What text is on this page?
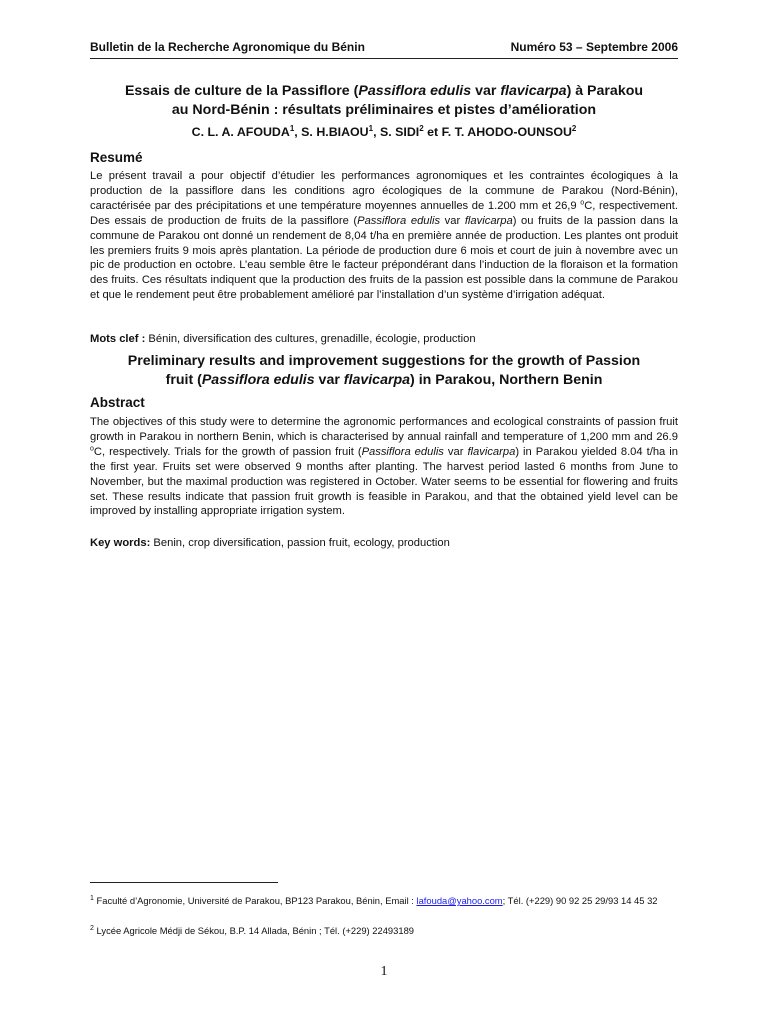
Bulletin de la Recherche Agronomique du Bénin	Numéro 53 – Septembre 2006
Essais de culture de la Passiflore (Passiflora edulis var flavicarpa) à Parakou
au Nord-Bénin : résultats préliminaires et pistes d’amélioration
C. L. A. AFOUDA$^1$, S. H.BIAOU$^1$, S. SIDI$^2$ et F. T. AHODO-OUNSOU$^2$
Resumé
Le présent travail a pour objectif d’étudier les performances agronomiques et les contraintes écologiques à la production de la passiflore dans les conditions agro écologiques de la commune de Parakou (Nord-Bénin), caractérisée par des précipitations et une température moyennes annuelles de 1.200 mm et 26,9 $^o$C, respectivement. Des essais de production de fruits de la passiflore (Passiflora edulis var flavicarpa) ou fruits de la passion dans la commune de Parakou ont donné un rendement de 8,04 t/ha en première année de production. Les plantes ont produit les premiers fruits 9 mois après plantation. La période de production dure 6 mois et court de juin à novembre avec un pic de production en octobre. L’eau semble être le facteur prépondérant dans l’induction de la floraison et la formation des fruits. Ces résultats indiquent que la production des fruits de la passion est possible dans la commune de Parakou et que le rendement peut être probablement amélioré par l’installation d’un système d’irrigation adéquat.
Mots clef : Bénin, diversification des cultures, grenadille, écologie, production
Preliminary results and improvement suggestions for the growth of Passion
fruit (Passiflora edulis var flavicarpa) in Parakou, Northern Benin
Abstract
The objectives of this study were to determine the agronomic performances and ecological constraints of passion fruit growth in Parakou in northern Benin, which is characterised by annual rainfall and temperature of 1,200 mm and 26.9 $^o$C, respectively. Trials for the growth of passion fruit (Passiflora edulis var flavicarpa) in Parakou yielded 8.04 t/ha in the first year. Fruits set were observed 9 months after planting. The harvest period lasted 6 months from June to November, but the maximal production was registered in October. Water seems to be essential for flowering and fruits set. These results indicate that passion fruit growth is feasible in Parakou, and that the obtained yield level can be improved by installing appropriate irrigation system.
Key words: Benin, crop diversification, passion fruit, ecology, production
$^1$ Faculté d’Agronomie, Université de Parakou, BP123 Parakou, Bénin, Email : lafouda@yahoo.com; Tél. (+229) 90 92 25 29/93 14 45 32
$^2$ Lycée Agricole Médji de Sékou, B.P. 14 Allada, Bénin ; Tél. (+229) 22493189
1
